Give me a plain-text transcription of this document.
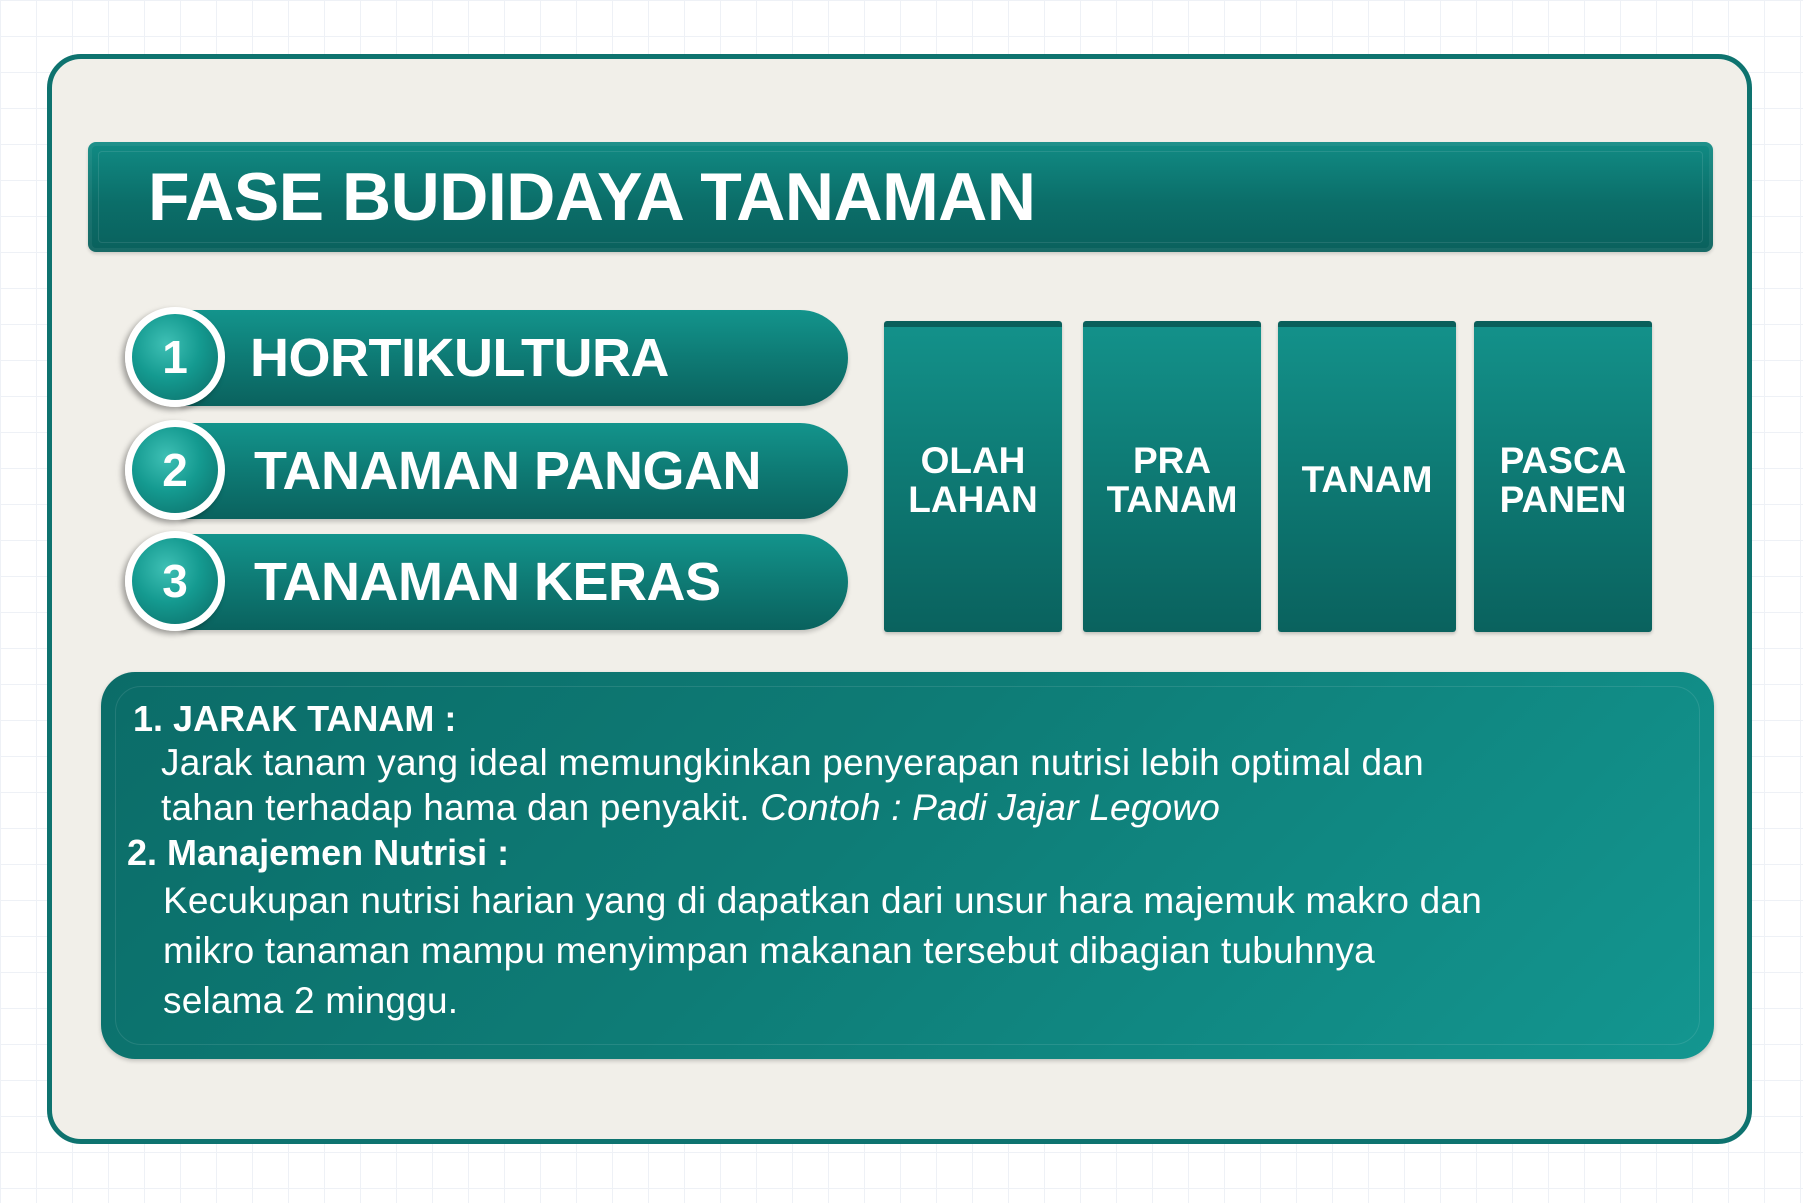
FASE BUDIDAYA TANAMAN
HORTIKULTURA
1
TANAMAN PANGAN
2
TANAMAN KERAS
3
OLAH
LAHAN
PRA
TANAM	TANAM	PASCA
PANEN
1. JARAK TANAM :
Jarak tanam yang ideal memungkinkan penyerapan nutrisi lebih optimal dan
tahan terhadap hama dan penyakit. Contoh : Padi Jajar Legowo
2. Manajemen Nutrisi :
Kecukupan nutrisi harian yang di dapatkan dari unsur hara majemuk makro dan
mikro tanaman mampu menyimpan makanan tersebut dibagian tubuhnya
selama 2 minggu.
